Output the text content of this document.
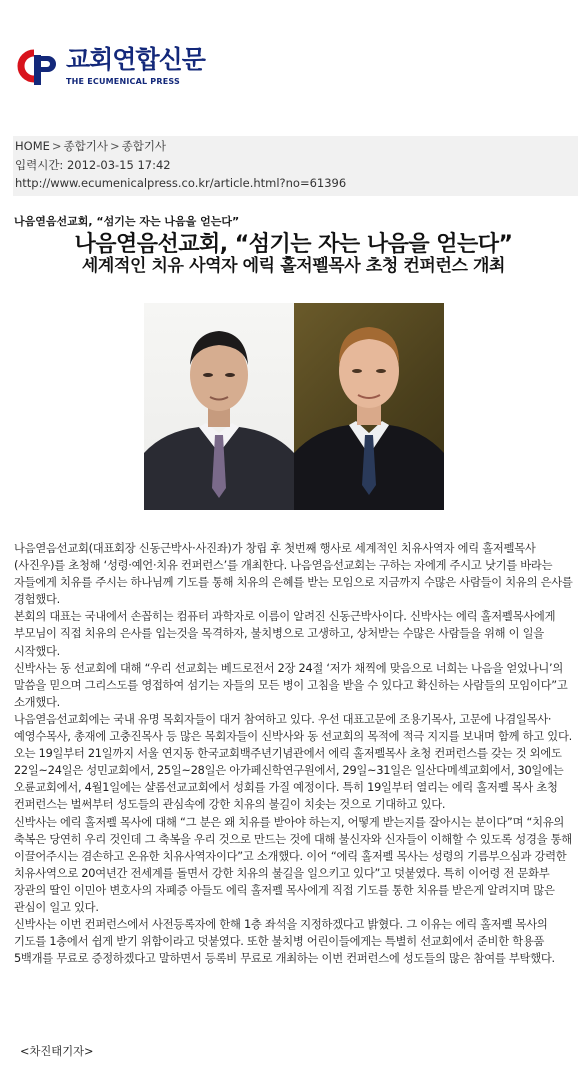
교회연합신문
THE ECUMENICAL PRESS
HOME > 종합기사 > 종합기사
입력시간: 2012-03-15 17:42
http://www.ecumenicalpress.co.kr/article.html?no=61396
나음엳음선교회, “섬기는 자는 나음을 얻는다”
나음엳음선교회, “섬기는 자는 나음을 얻는다”
세계적인 치유 사역자 에릭 홀저펠목사 초청 컨퍼런스 개최

나음엳음선교회(대표회장 신동근박사·사진좌)가 창립 후 첫번째 행사로 세계적인 치유사역자 에릭 홀저펠목사(사진우)를 초청해 ‘성령·예언·치유 컨퍼런스’를 개최한다. 나음엳음선교회는 구하는 자에게 주시고 낫기를 바라는 자들에게 치유를 주시는 하나님께 기도를 통해 치유의 은혜를 받는 모임으로 지금까지 수많은 사람들이 치유의 은사를 경험했다.

본회의 대표는 국내에서 손꼽히는 컴퓨터 과학자로 이름이 알려진 신동근박사이다. 신박사는 에릭 홀저펠목사에게 부모님이 직접 치유의 은사를 입는것을 목격하자, 불치병으로 고생하고, 상처받는 수많은 사람들을 위해 이 일을 시작했다.

신박사는 동 선교회에 대해 “우리 선교회는 베드로전서 2장 24절 ‘저가 채찍에 맞음으로 너희는 나음을 얻었나니’의 말씀을 믿으며 그리스도를 영접하여 섬기는 자들의 모든 병이 고침을 받을 수 있다고 확신하는 사람들의 모임이다”고 소개했다.

나음엳음선교회에는 국내 유명 목회자들이 대거 참여하고 있다. 우선 대표고문에 조용기목사, 고문에 나겸일목사·예영수목사, 총재에 고충진목사 등 많은 목회자들이 신박사와 동 선교회의 목적에 적극 지지를 보내며 함께 하고 있다.

오는 19일부터 21일까지 서울 연지동 한국교회백주년기념관에서 에릭 홀저펠목사 초청 컨퍼런스를 갖는 것 외에도 22일~24일은 성민교회에서, 25일~28일은 아가페신학연구원에서, 29일~31일은 일산다메섹교회에서, 30일에는 오륜교회에서, 4월1일에는 샬롬선교교회에서 성회를 가질 예정이다. 특히 19일부터 열리는 에릭 홀저펠 목사 초청 컨퍼런스는 벌써부터 성도들의 관심속에 강한 치유의 불길이 치솟는 것으로 기대하고 있다.

신박사는 에릭 홀저펠 목사에 대해 “그 분은 왜 치유를 받아야 하는지, 어떻게 받는지를 잘아시는 분이다”며 “치유의 축복은 당연히 우리 것인데 그 축복을 우리 것으로 만드는 것에 대해 불신자와 신자들이 이해할 수 있도록 성경을 통해 이끌어주시는 겸손하고 온유한 치유사역자이다”고 소개했다. 이어 “에릭 홀저펠 목사는 성령의 기름부으심과 강력한 치유사역으로 20여년간 전세계를 돌면서 강한 치유의 불길을 일으키고 있다”고 덧붙였다. 특히 이어령 전 문화부 장관의 딸인 이민아 변호사의 자폐증 아들도 에릭 홀저펠 목사에게 직접 기도를 통한 치유를 받은게 알려지며 많은 관심이 일고 있다.

신박사는 이번 컨퍼런스에서 사전등록자에 한해 1층 좌석을 지정하겠다고 밝혔다. 그 이유는 에릭 홀저펠 목사의 기도를 1층에서 쉽게 받기 위함이라고 덧붙였다. 또한 불치병 어린이들에게는 특별히 선교회에서 준비한 학용품 5백개를 무료로 증정하겠다고 말하면서 등록비 무료로 개최하는 이번 컨퍼런스에 성도들의 많은 참여를 부탁했다.

<차진태기자>
